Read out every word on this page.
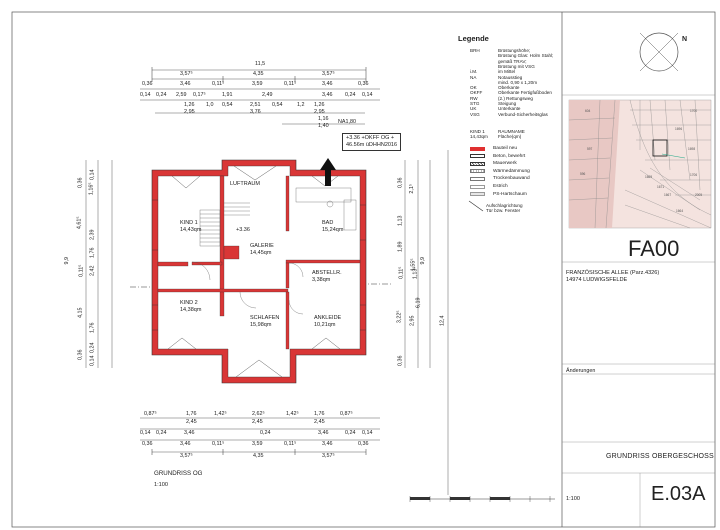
N
604
597
596
1700
1696
1698
1669
1667
1664
1671
1706
2005
LUFTRAUM
BAD
15,24qm
KIND 1
14,43qm
GALERIE
14,45qm
ABSTELLR.
3,38qm
KIND 2
14,38qm
SCHLAFEN
15,98qm
ANKLEIDE
10,21qm
+3.36
+3.36 +OKFF OG +
46.56m üDHHN2016
11,5
3,57⁵	4,35	3,57⁵
0,36	3,46	0,11⁵	3,59	0,11⁵	3,46	0,36
0,14 0,24 2,59 0,17⁵	1,91	2,49	3,46 0,24 0,14
1,26
2,95
1,0 0,54	2,51
3,76
0,54	1,2 1,26
2,95
1,16
1,40
NA1,80
0,87⁵	1,76
2,45
1,42⁵	2,62⁵
2,45
1,42⁵	1,76
2,45
0,87⁵
0,14 0,24	3,46	0,24	3,46	0,24 0,14
0,36	3,46	0,11⁵	3,59	0,11⁵	3,46	0,36
3,57⁵	4,35	3,57⁵
9,9
0,36
4,61⁵
0,11⁵
4,15
0,36
0,14
1,16⁵
2,39
1,76
2,42
1,76
0,24
0,14
12,4
9,9
0,36
3,22⁵
0,11⁵
6,19
0,36
2,1⁵
1,13
1,89
1,13⁵
1,55⁵
2,95
GRUNDRISS OG
1:100
Legende
BRH	Brüstungshöhe;
Brüstung Glas: Holm Stahl;
gemäß TRAV;
Brüstung mit VSG
i.M.	im Mittel
NA	Notausstieg
mind. 0,90 x 1,20m
OK	Oberkante
OKFF	Oberkante Fertigfußboden
RW	(2.) Rettungsweg
STG	Steigung
UK	Unterkante
VSG	Verbund-Sicherheitsglas
KIND 1	RAUMNAME
14,43qm Fläche(qm)
Bauteil neu
Beton, bewehrt
Mauerwerk
Wärmedämmung
Trockenbauwand
Estrich
PS-Hartschaum
Aufschlagrichtung
Tür bzw. Fenster
FA00
FRANZÖSISCHE ALLEE (Parz.4326)
14974 LUDWIGSFELDE
Änderungen
GRUNDRISS OBERGESCHOSS
1:100	E.03A
